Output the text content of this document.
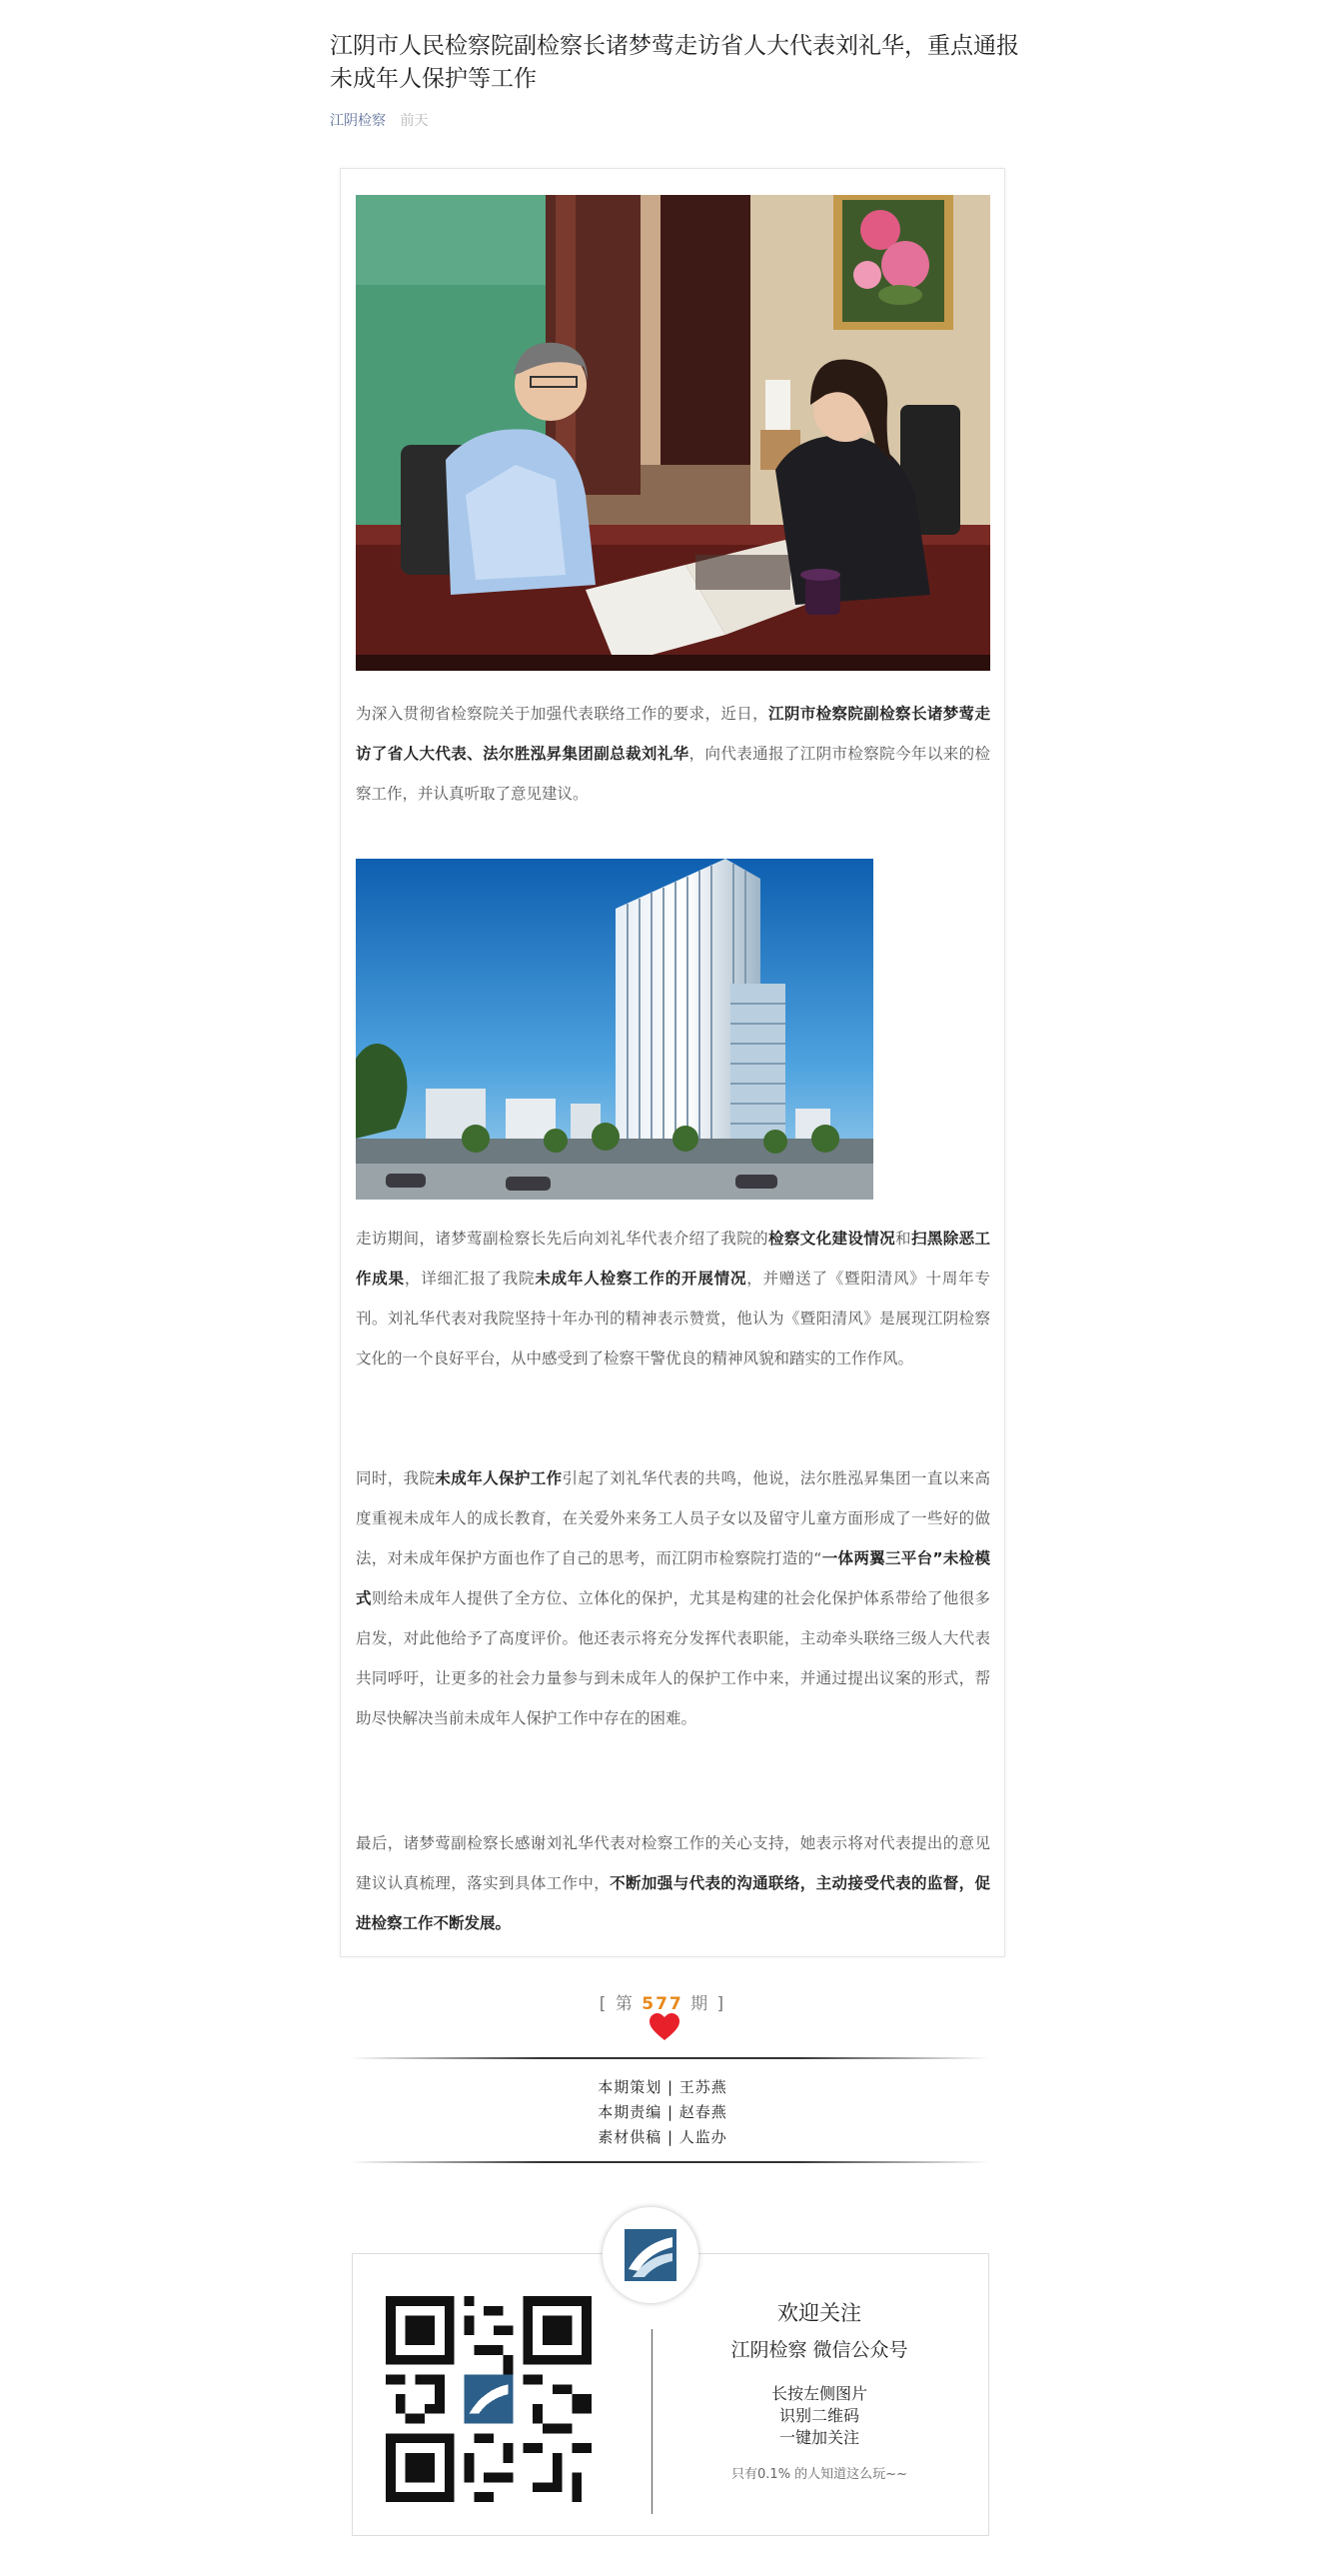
江阴市人民检察院副检察长诸梦莺走访省人大代表刘礼华，重点通报未成年人保护等工作
江阴检察 前天

为深入贯彻省检察院关于加强代表联络工作的要求，近日，江阴市检察院副检察长诸梦莺走访了省人大代表、法尔胜泓昇集团副总裁刘礼华，向代表通报了江阴市检察院今年以来的检察工作，并认真听取了意见建议。

走访期间，诸梦莺副检察长先后向刘礼华代表介绍了我院的检察文化建设情况和扫黑除恶工作成果，详细汇报了我院未成年人检察工作的开展情况，并赠送了《暨阳清风》十周年专刊。刘礼华代表对我院坚持十年办刊的精神表示赞赏，他认为《暨阳清风》是展现江阴检察文化的一个良好平台，从中感受到了检察干警优良的精神风貌和踏实的工作作风。

同时，我院未成年人保护工作引起了刘礼华代表的共鸣，他说，法尔胜泓昇集团一直以来高度重视未成年人的成长教育，在关爱外来务工人员子女以及留守儿童方面形成了一些好的做法，对未成年保护方面也作了自己的思考，而江阴市检察院打造的“一体两翼三平台”未检模式则给未成年人提供了全方位、立体化的保护，尤其是构建的社会化保护体系带给了他很多启发，对此他给予了高度评价。他还表示将充分发挥代表职能，主动牵头联络三级人大代表共同呼吁，让更多的社会力量参与到未成年人的保护工作中来，并通过提出议案的形式，帮助尽快解决当前未成年人保护工作中存在的困难。

最后，诸梦莺副检察长感谢刘礼华代表对检察工作的关心支持，她表示将对代表提出的意见建议认真梳理，落实到具体工作中，不断加强与代表的沟通联络，主动接受代表的监督，促进检察工作不断发展。

[ 第 577 期 ]
本期策划 | 王苏燕
本期责编 | 赵春燕
素材供稿 | 人监办
欢迎关注
江阴检察 微信公众号
长按左侧图片
识别二维码
一键加关注
只有0.1% 的人知道这么玩~~
